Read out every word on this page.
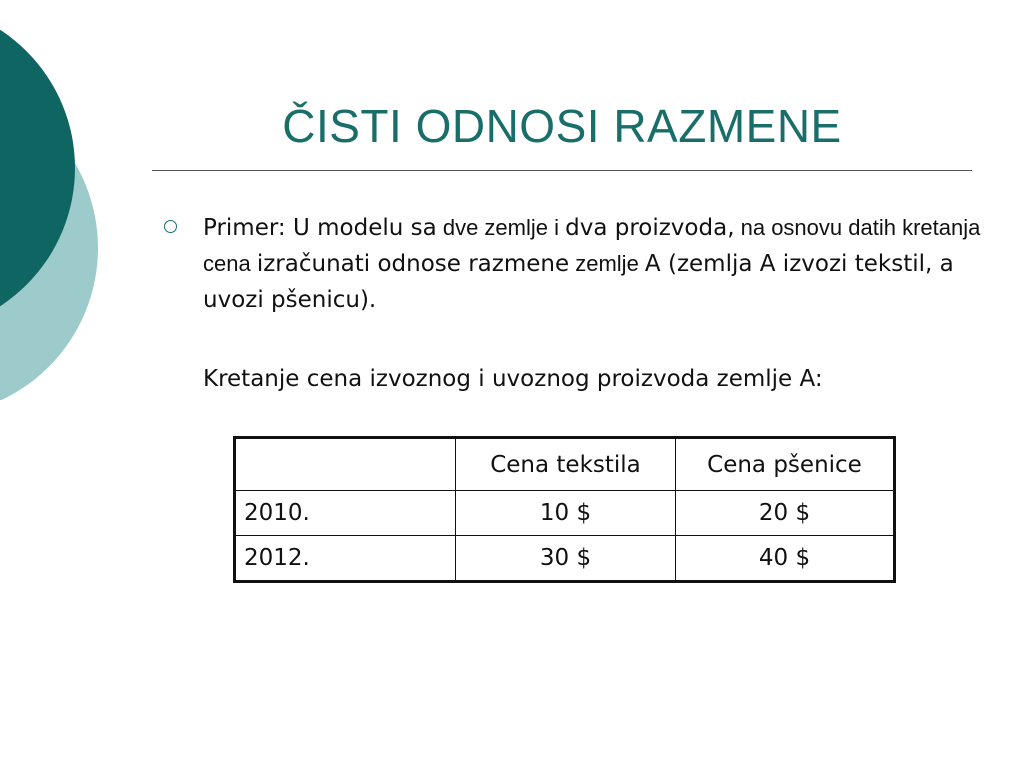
ČISTI ODNOSI RAZMENE
Primer: U modelu sa dve zemlje i dva proizvoda, na osnovu datih kretanja cena izračunati odnose razmene zemlje A (zemlja A izvozi tekstil, a uvozi pšenicu).
Kretanje cena izvoznog i uvoznog proizvoda zemlje A:
	Cena tekstila	Cena pšenice
2010.	10 $	20 $
2012.	30 $	40 $
